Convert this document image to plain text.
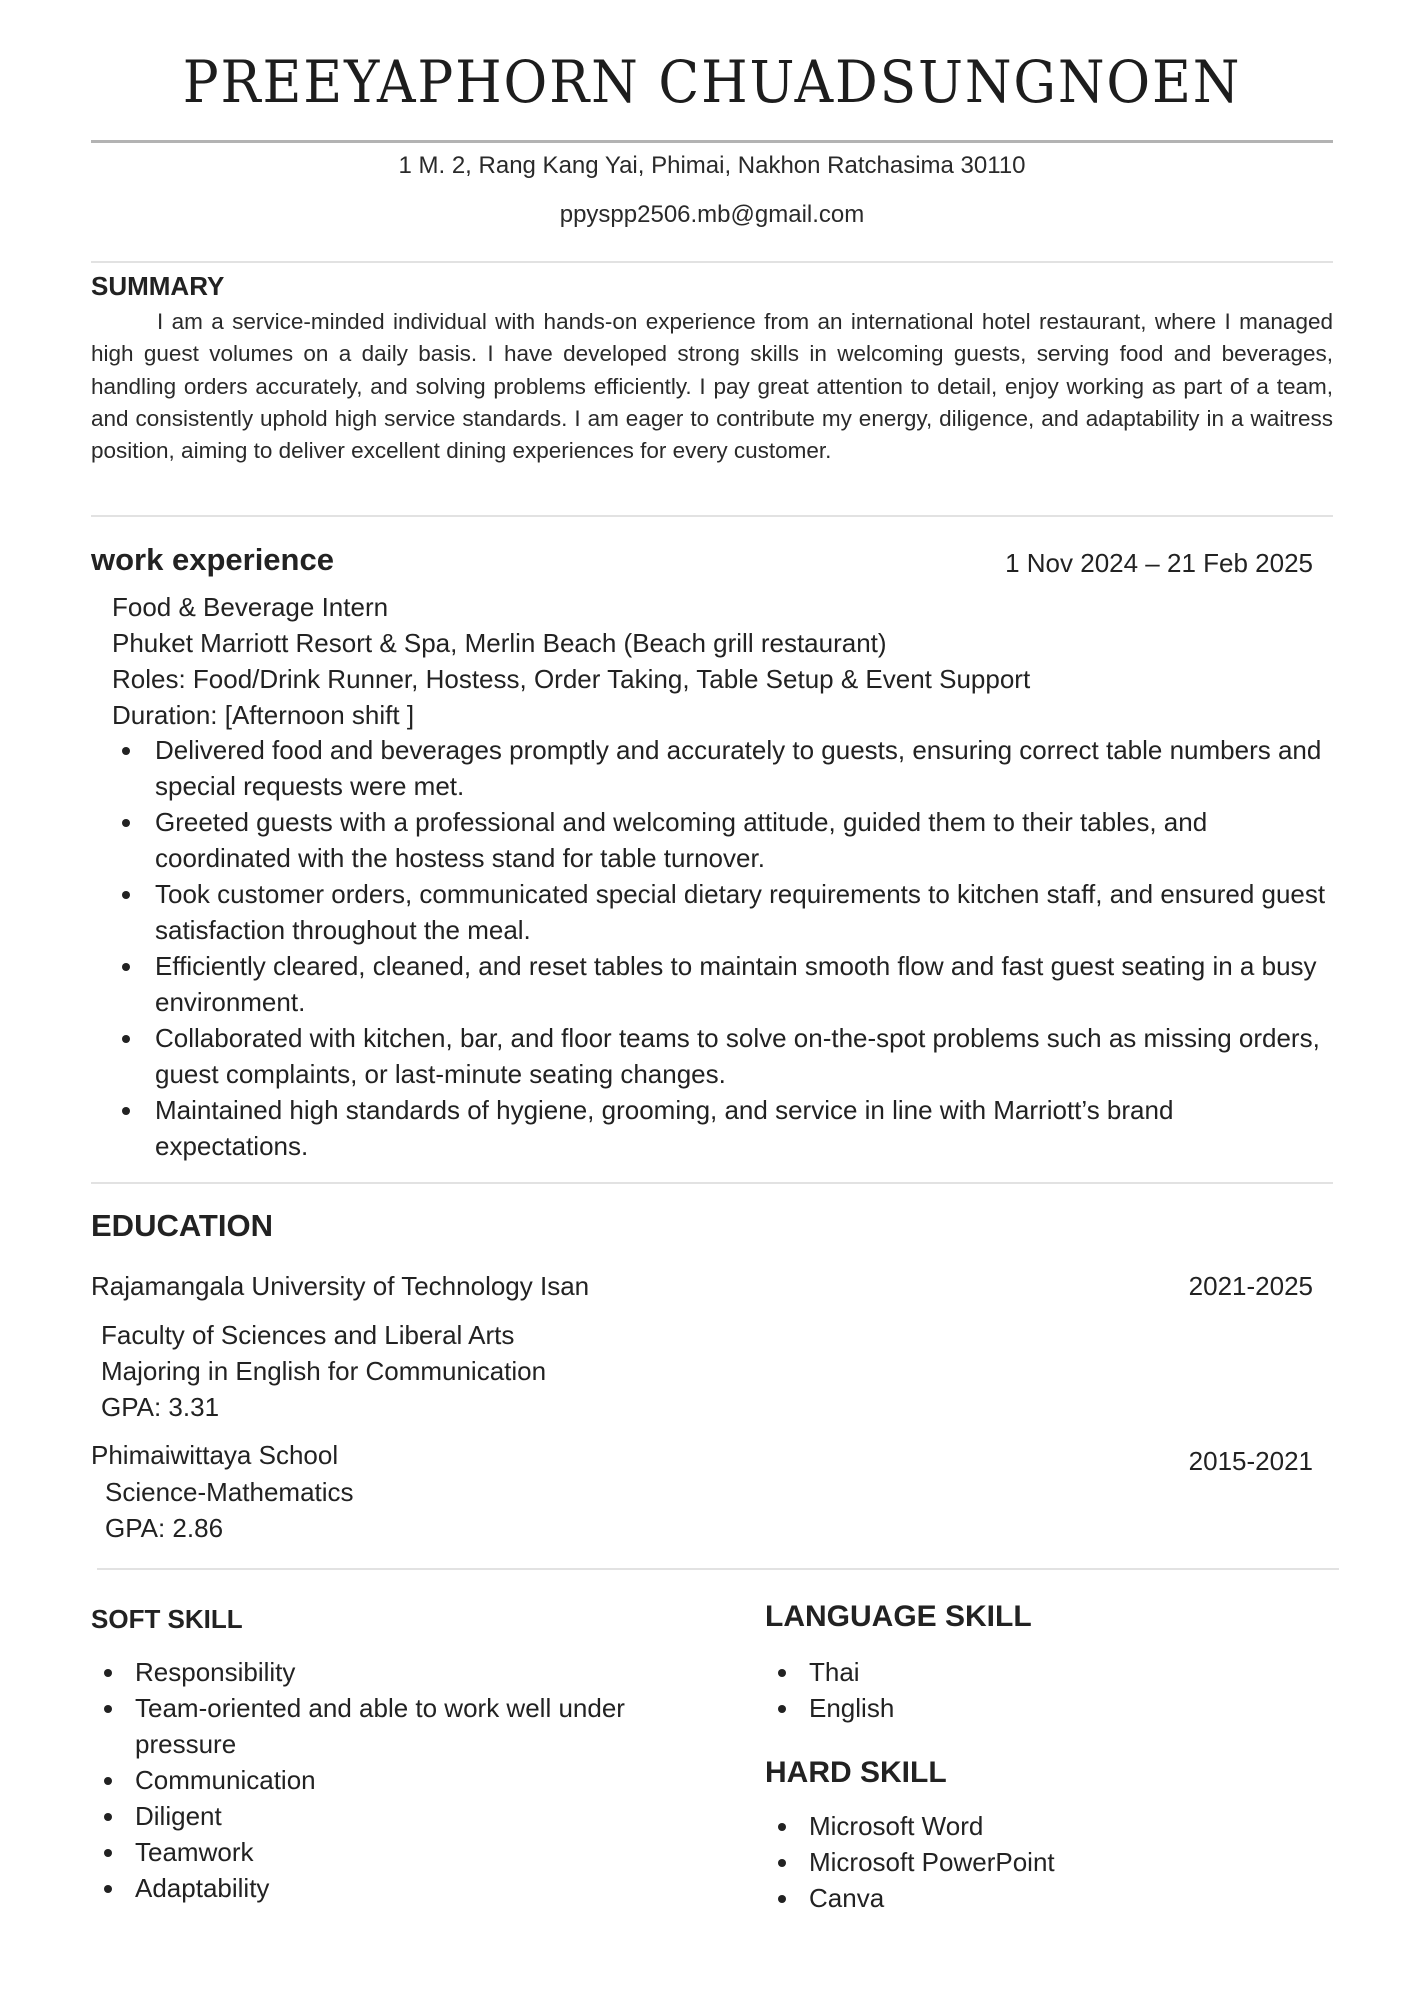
PREEYAPHORN CHUADSUNGNOEN
1 M. 2, Rang Kang Yai, Phimai, Nakhon Ratchasima 30110
ppyspp2506.mb@gmail.com
SUMMARY

I am a service-minded individual with hands-on experience from an international hotel restaurant, where I managed high guest volumes on a daily basis. I have developed strong skills in welcoming guests, serving food and beverages, handling orders accurately, and solving problems efficiently. I pay great attention to detail, enjoy working as part of a team, and consistently uphold high service standards. I am eager to contribute my energy, diligence, and adaptability in a waitress position, aiming to deliver excellent dining experiences for every customer.

work experience	1 Nov 2024 – 21 Feb 2025
Food & Beverage Intern
Phuket Marriott Resort & Spa, Merlin Beach (Beach grill restaurant)
Roles: Food/Drink Runner, Hostess, Order Taking, Table Setup & Event Support
Duration: [Afternoon shift ]
Delivered food and beverages promptly and accurately to guests, ensuring correct table numbers and special requests were met.
Greeted guests with a professional and welcoming attitude, guided them to their tables, and coordinated with the hostess stand for table turnover.
Took customer orders, communicated special dietary requirements to kitchen staff, and ensured guest satisfaction throughout the meal.
Efficiently cleared, cleaned, and reset tables to maintain smooth flow and fast guest seating in a busy environment.
Collaborated with kitchen, bar, and floor teams to solve on-the-spot problems such as missing orders, guest complaints, or last-minute seating changes.
Maintained high standards of hygiene, grooming, and service in line with Marriott’s brand expectations.
EDUCATION
Rajamangala University of Technology Isan	2021-2025
Faculty of Sciences and Liberal Arts
Majoring in English for Communication
GPA: 3.31
Phimaiwittaya School	2015-2021
Science-Mathematics
GPA: 2.86
SOFT SKILL
Responsibility
Team-oriented and able to work well under pressure
Communication
Diligent
Teamwork
Adaptability
LANGUAGE SKILL
Thai
English
HARD SKILL
Microsoft Word
Microsoft PowerPoint
Canva
